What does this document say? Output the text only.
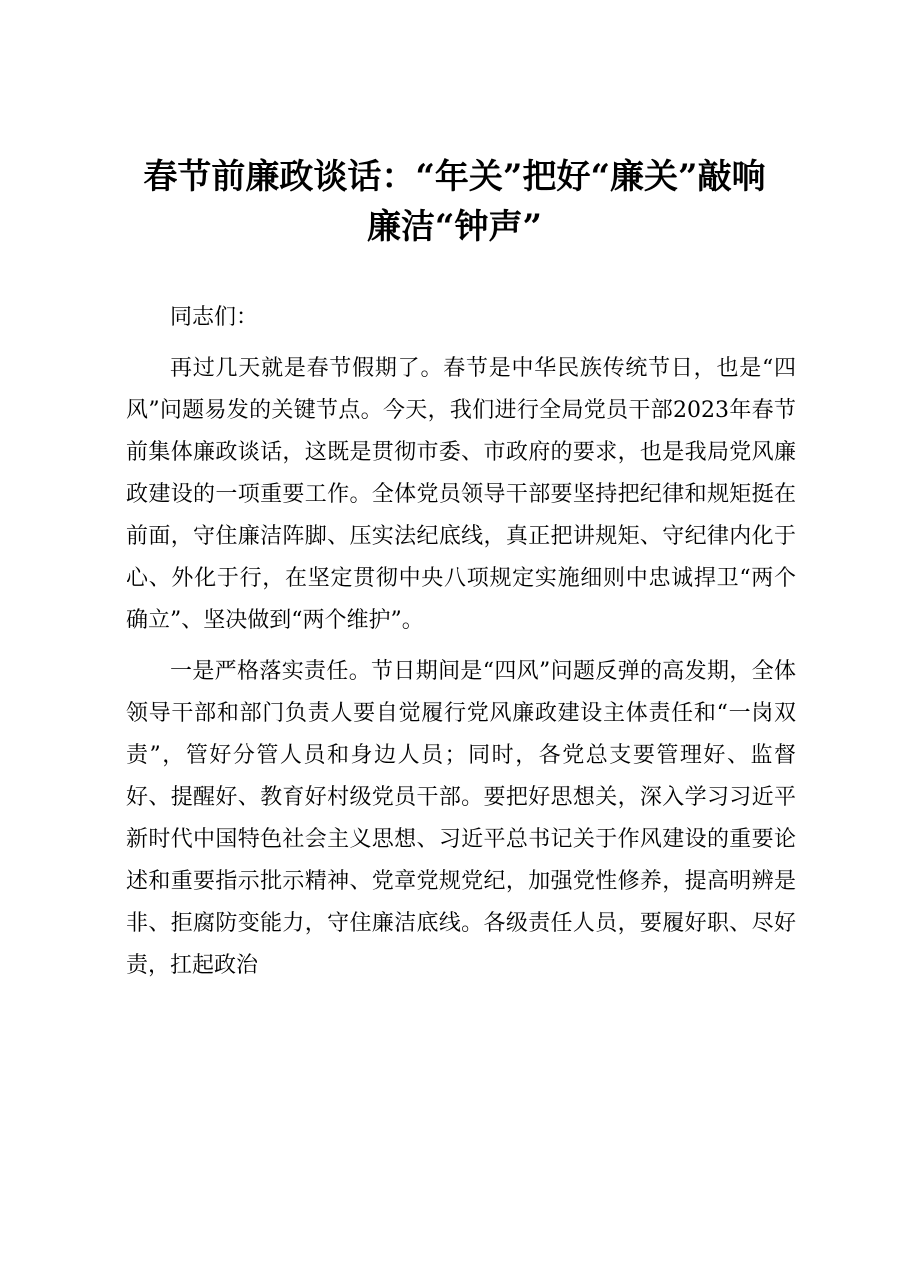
春节前廉政谈话：“年关”把好“廉关”敲响
廉洁“钟声”

同志们：

再过几天就是春节假期了。春节是中华民族传统节日，也是“四风”问题易发的关键节点。今天，我们进行全局党员干部2023年春节前集体廉政谈话，这既是贯彻市委、市政府的要求，也是我局党风廉政建设的一项重要工作。全体党员领导干部要坚持把纪律和规矩挺在前面，守住廉洁阵脚、压实法纪底线，真正把讲规矩、守纪律内化于心、外化于行，在坚定贯彻中央八项规定实施细则中忠诚捍卫“两个确立”、坚决做到“两个维护”。

一是严格落实责任。节日期间是“四风”问题反弹的高发期，全体领导干部和部门负责人要自觉履行党风廉政建设主体责任和“一岗双责”，管好分管人员和身边人员；同时，各党总支要管理好、监督好、提醒好、教育好村级党员干部。要把好思想关，深入学习习近平新时代中国特色社会主义思想、习近平总书记关于作风建设的重要论述和重要指示批示精神、党章党规党纪，加强党性修养，提高明辨是非、拒腐防变能力，守住廉洁底线。各级责任人员，要履好职、尽好责，扛起政治
